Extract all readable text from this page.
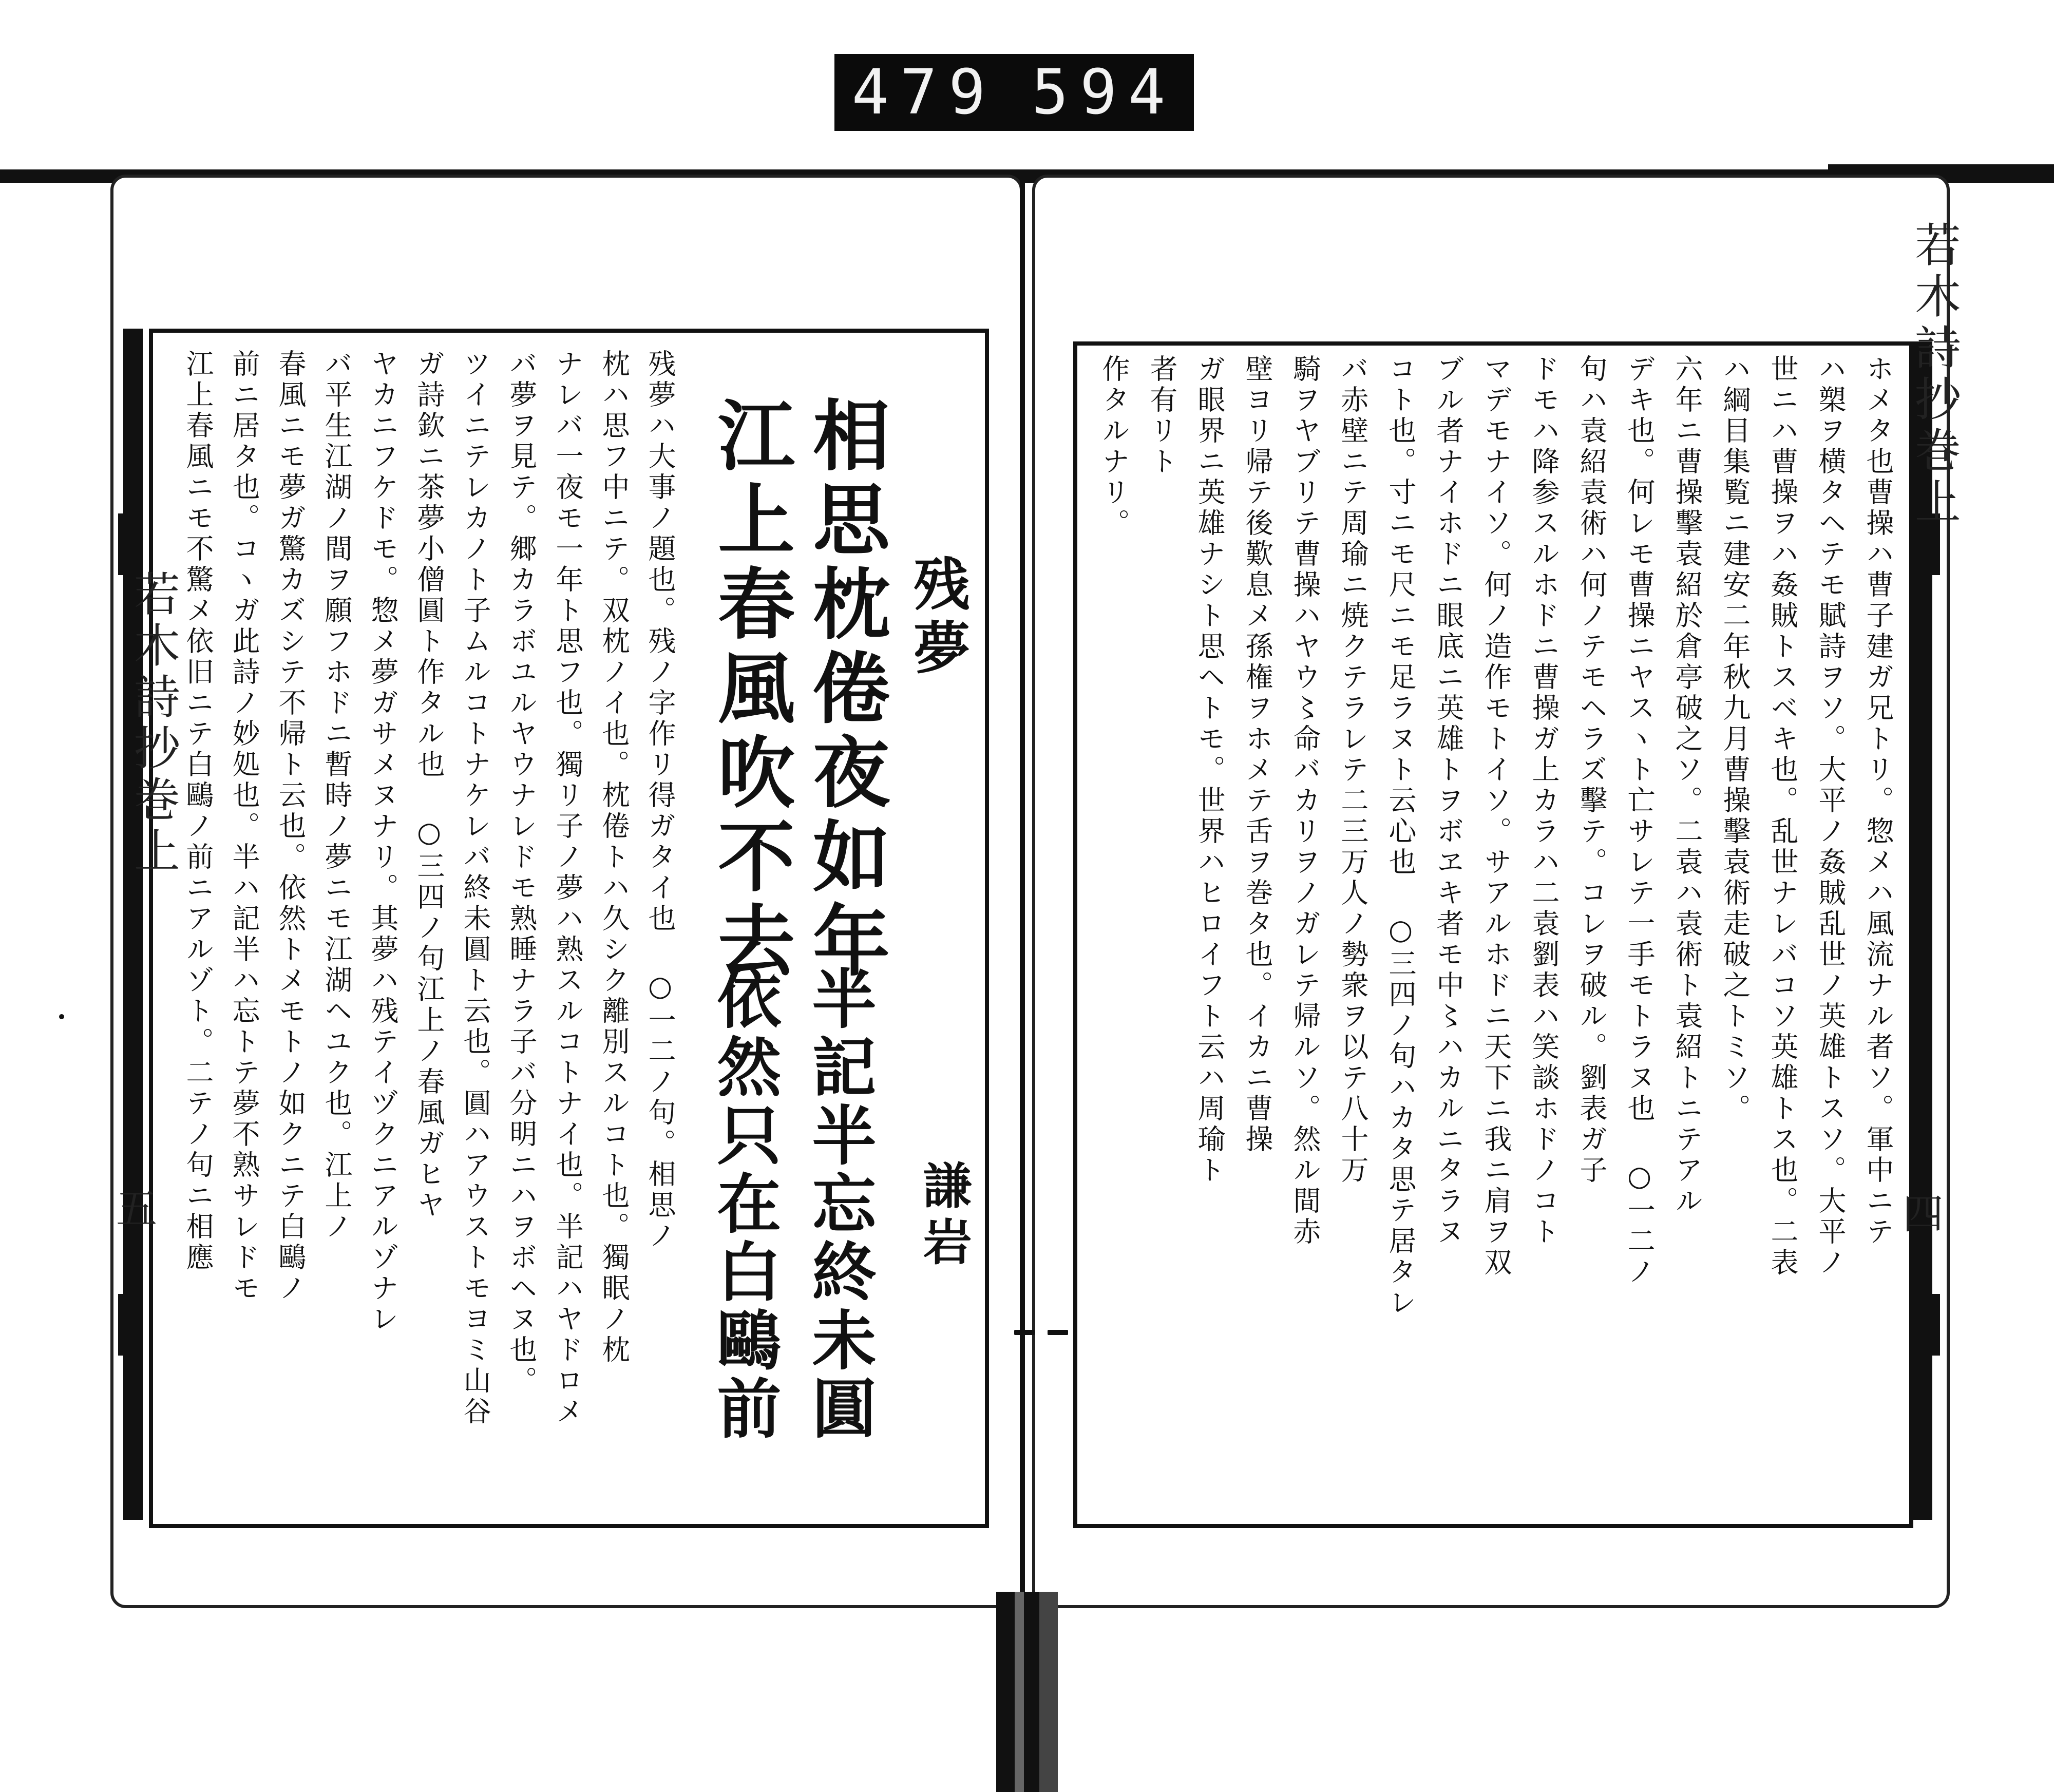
479 594
若木詩抄巻上
五
若木詩抄巻上
四
ホメタ也曹操ハ曹子建ガ兄トリ。惣メハ風流ナル者ソ。軍中ニテ
ハ槊ヲ横タヘテモ賦詩ヲソ。大平ノ姦賊乱世ノ英雄トスソ。大平ノ
世ニハ曹操ヲハ姦賊トスベキ也。乱世ナレバコソ英雄トス也。二表
ハ綱目集覧ニ建安二年秋九月曹操擊袁術走破之トミソ。
六年ニ曹操擊袁紹於倉亭破之ソ。二袁ハ袁術ト袁紹トニテアル
デキ也。何レモ曹操ニヤスヽト亡サレテ一手モトラヌ也 ○一二ノ
句ハ袁紹袁術ハ何ノテモヘラズ擊テ。コレヲ破ル。劉表ガ子
ドモハ降参スルホドニ曹操ガ上カラハ二袁劉表ハ笑談ホドノコト
マデモナイソ。何ノ造作モトイソ。サアルホドニ天下ニ我ニ肩ヲ双
ブル者ナイホドニ眼底ニ英雄トヲボヱキ者モ中〻ハカルニタラヌ
コト也。寸ニモ尺ニモ足ラヌト云心也 ○三四ノ句ハカタ思テ居タレ
バ赤壁ニテ周瑜ニ焼クテラレテ二三万人ノ勢衆ヲ以テ八十万
騎ヲヤブリテ曹操ハヤウ〻命バカリヲノガレテ帰ルソ。然ル間赤
壁ヨリ帰テ後歎息メ孫権ヲホメテ舌ヲ巻タ也。イカニ曹操
ガ眼界ニ英雄ナシト思ヘトモ。世界ハヒロイフト云ハ周瑜ト
者有リト
作タルナリ。
残夢
相思枕倦夜如年
江上春風吹不去
謙岩
半記半忘終未圓
依然只在白鷗前
残夢ハ大事ノ題也。残ノ字作リ得ガタイ也 ○一二ノ句。相思ノ
枕ハ思フ中ニテ。双枕ノイ也。枕倦トハ久シク離別スルコト也。獨眠ノ枕
ナレバ一夜モ一年ト思フ也。獨リ子ノ夢ハ熟スルコトナイ也。半記ハヤドロメ
バ夢ヲ見テ。郷カラボユルヤウナレドモ熟睡ナラ子バ分明ニハヲボヘヌ也。
ツイニテレカノト子ムルコトナケレバ終未圓ト云也。圓ハアウストモヨミ山谷
ガ詩欽ニ茶夢小僧圓ト作タル也 ○三四ノ句江上ノ春風ガヒヤ
ヤカニフケドモ。惣メ夢ガサメヌナリ。其夢ハ残テイヅクニアルゾナレ
バ平生江湖ノ間ヲ願フホドニ暫時ノ夢ニモ江湖ヘユク也。江上ノ
春風ニモ夢ガ驚カズシテ不帰ト云也。依然トメモトノ如クニテ白鷗ノ
前ニ居タ也。コヽガ此詩ノ妙処也。半ハ記半ハ忘トテ夢不熟サレドモ
江上春風ニモ不驚メ依旧ニテ白鷗ノ前ニアルゾト。二テノ句ニ相應
